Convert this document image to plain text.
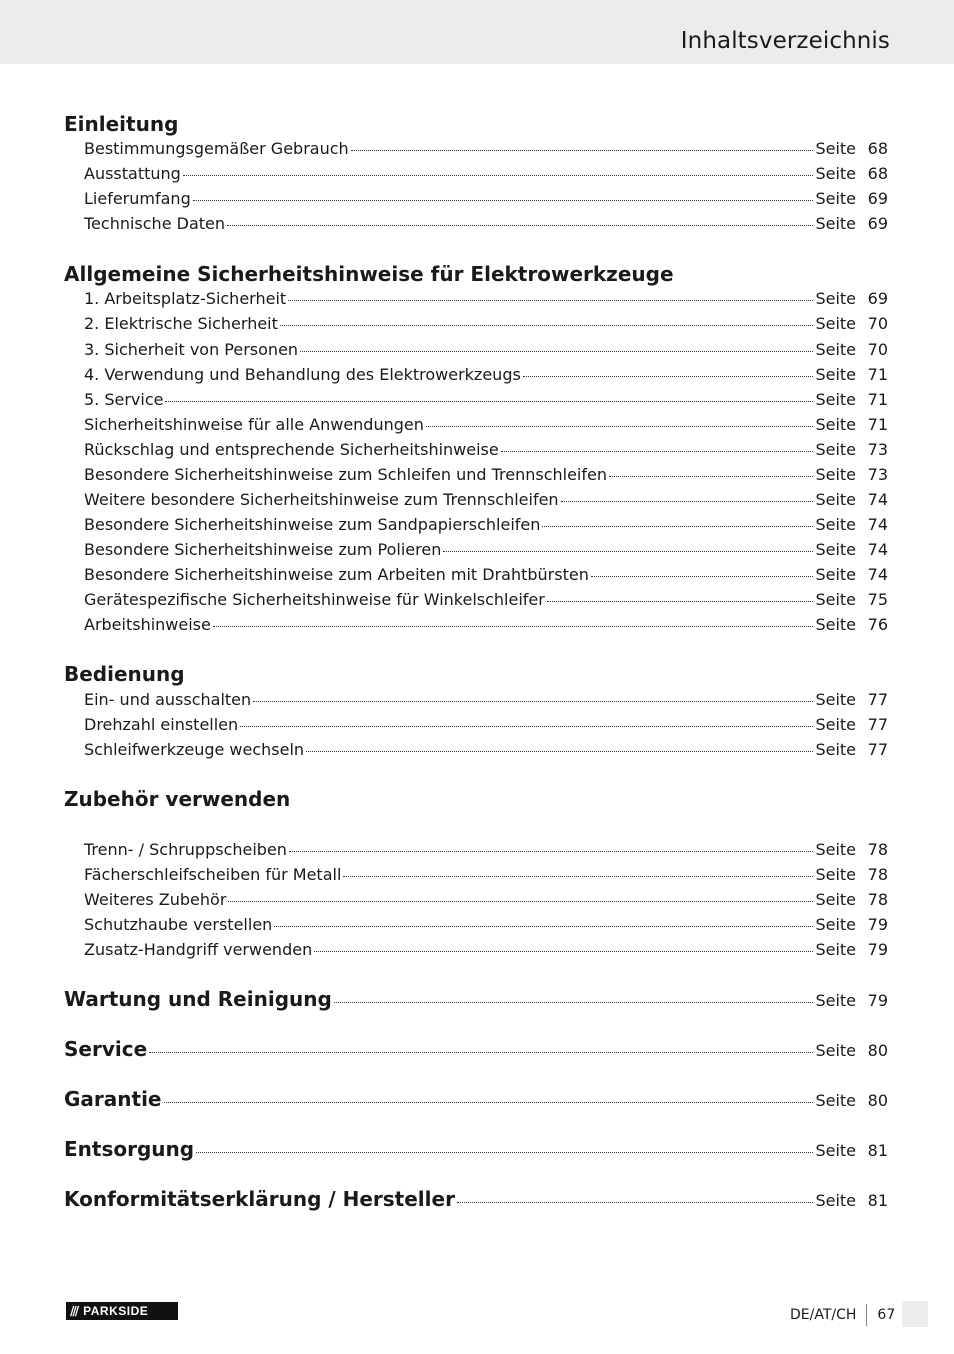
Inhaltsverzeichnis
Einleitung
Bestimmungsgemäßer Gebrauch	Seite 68
Ausstattung	Seite 68
Lieferumfang	Seite 69
Technische Daten	Seite 69
Allgemeine Sicherheitshinweise für Elektrowerkzeuge
1. Arbeitsplatz-Sicherheit	Seite 69
2. Elektrische Sicherheit	Seite 70
3. Sicherheit von Personen	Seite 70
4. Verwendung und Behandlung des Elektrowerkzeugs	Seite 71
5. Service	Seite 71
Sicherheitshinweise für alle Anwendungen	Seite 71
Rückschlag und entsprechende Sicherheitshinweise	Seite 73
Besondere Sicherheitshinweise zum Schleifen und Trennschleifen	Seite 73
Weitere besondere Sicherheitshinweise zum Trennschleifen	Seite 74
Besondere Sicherheitshinweise zum Sandpapierschleifen	Seite 74
Besondere Sicherheitshinweise zum Polieren	Seite 74
Besondere Sicherheitshinweise zum Arbeiten mit Drahtbürsten	Seite 74
Gerätespezifische Sicherheitshinweise für Winkelschleifer	Seite 75
Arbeitshinweise	Seite 76
Bedienung
Ein- und ausschalten	Seite 77
Drehzahl einstellen	Seite 77
Schleifwerkzeuge wechseln	Seite 77
Zubehör verwenden
Trenn- / Schruppscheiben	Seite 78
Fächerschleifscheiben für Metall	Seite 78
Weiteres Zubehör	Seite 78
Schutzhaube verstellen	Seite 79
Zusatz-Handgriff verwenden	Seite 79
Wartung und Reinigung	Seite 79
Service	Seite 80
Garantie	Seite 80
Entsorgung	Seite 81
Konformitätserklärung / Hersteller	Seite 81
/// PARKSIDE	DE/AT/CH 67
